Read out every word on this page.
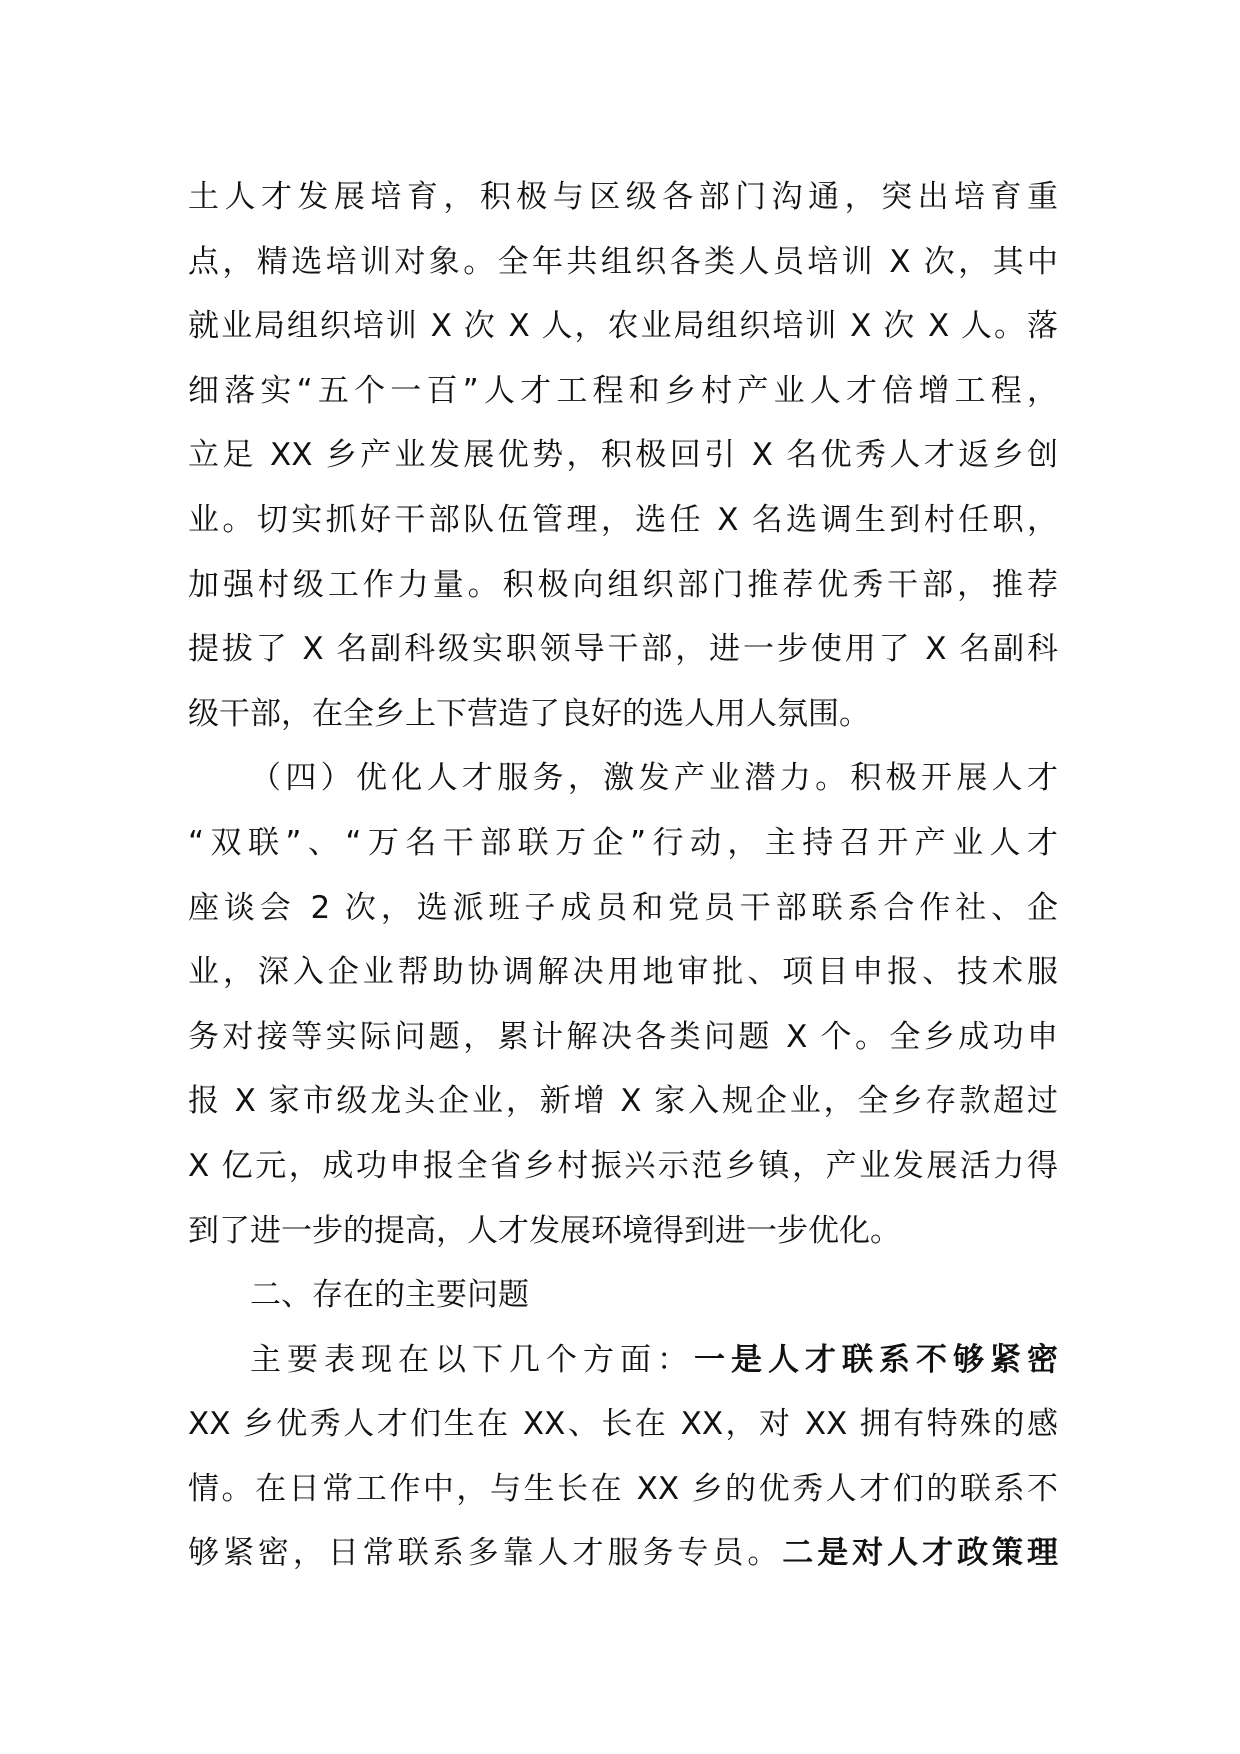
土人才发展培育，积极与区级各部门沟通，突出培育重
点，精选培训对象。全年共组织各类人员培训 X 次，其中
就业局组织培训 X 次 X 人，农业局组织培训 X 次 X 人。落
细落实“五个一百”人才工程和乡村产业人才倍增工程，
立足 XX 乡产业发展优势，积极回引 X 名优秀人才返乡创
业。切实抓好干部队伍管理，选任 X 名选调生到村任职，
加强村级工作力量。积极向组织部门推荐优秀干部，推荐
提拔了 X 名副科级实职领导干部，进一步使用了 X 名副科
级干部，在全乡上下营造了良好的选人用人氛围。
（四）优化人才服务，激发产业潜力。积极开展人才
“双联”、“万名干部联万企”行动，主持召开产业人才
座谈会 2 次，选派班子成员和党员干部联系合作社、企
业，深入企业帮助协调解决用地审批、项目申报、技术服
务对接等实际问题，累计解决各类问题 X 个。全乡成功申
报 X 家市级龙头企业，新增 X 家入规企业，全乡存款超过
X 亿元，成功申报全省乡村振兴示范乡镇，产业发展活力得
到了进一步的提高，人才发展环境得到进一步优化。
二、存在的主要问题
主要表现在以下几个方面：一是人才联系不够紧密
XX 乡优秀人才们生在 XX、长在 XX，对 XX 拥有特殊的感
情。在日常工作中，与生长在 XX 乡的优秀人才们的联系不
够紧密，日常联系多靠人才服务专员。二是对人才政策理
